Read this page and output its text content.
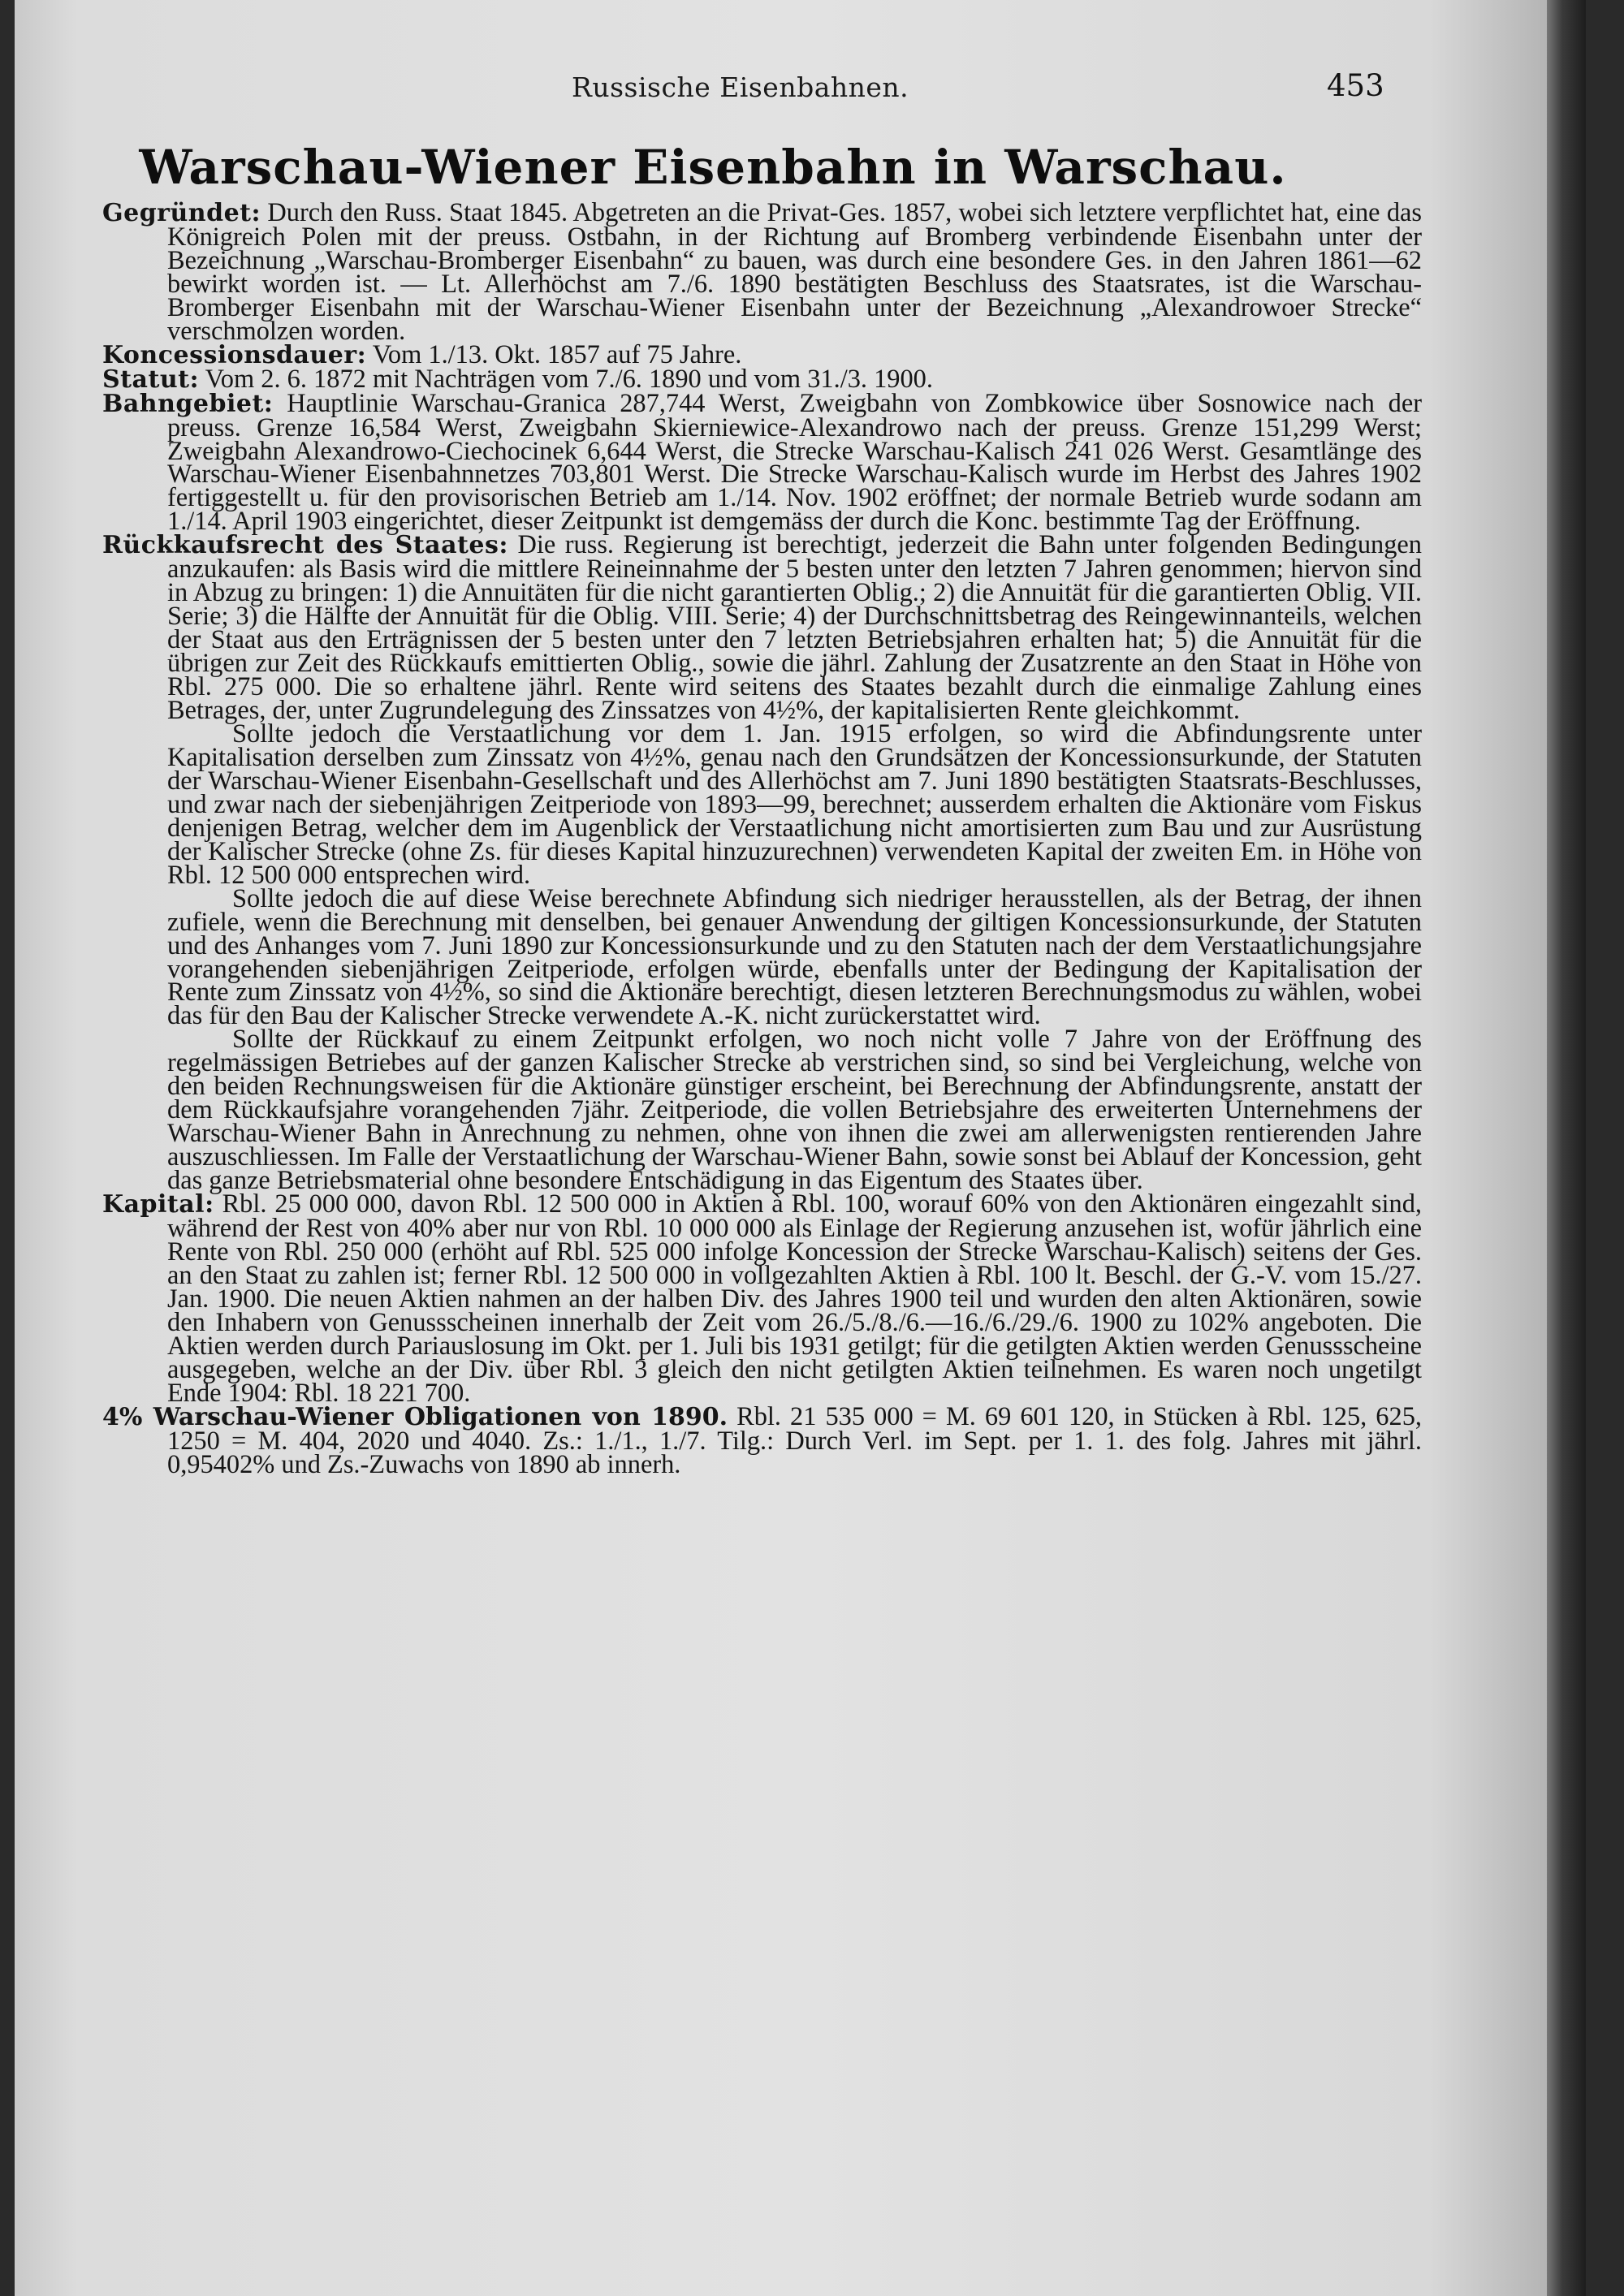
Russische Eisenbahnen.	453
Warschau-Wiener Eisenbahn in Warschau.

Gegründet: Durch den Russ. Staat 1845. Abgetreten an die Privat-Ges. 1857, wobei sich letztere verpflichtet hat, eine das Königreich Polen mit der preuss. Ostbahn, in der Richtung auf Bromberg verbindende Eisenbahn unter der Bezeichnung „Warschau-Bromberger Eisenbahn“ zu bauen, was durch eine besondere Ges. in den Jahren 1861—62 bewirkt worden ist. — Lt. Allerhöchst am 7./6. 1890 bestätigten Beschluss des Staatsrates, ist die Warschau-Bromberger Eisenbahn mit der Warschau-Wiener Eisenbahn unter der Bezeichnung „Alexandrowoer Strecke“ verschmolzen worden.

Koncessionsdauer: Vom 1./13. Okt. 1857 auf 75 Jahre.

Statut: Vom 2. 6. 1872 mit Nachträgen vom 7./6. 1890 und vom 31./3. 1900.

Bahngebiet: Hauptlinie Warschau-Granica 287,744 Werst, Zweigbahn von Zombkowice über Sosnowice nach der preuss. Grenze 16,584 Werst, Zweigbahn Skierniewice-Alexandrowo nach der preuss. Grenze 151,299 Werst; Zweigbahn Alexandrowo-Ciechocinek 6,644 Werst, die Strecke Warschau-Kalisch 241 026 Werst. Gesamtlänge des Warschau-Wiener Eisenbahnnetzes 703,801 Werst. Die Strecke Warschau-Kalisch wurde im Herbst des Jahres 1902 fertiggestellt u. für den provisorischen Betrieb am 1./14. Nov. 1902 eröffnet; der normale Betrieb wurde sodann am 1./14. April 1903 eingerichtet, dieser Zeitpunkt ist demgemäss der durch die Konc. bestimmte Tag der Eröffnung.

Rückkaufsrecht des Staates: Die russ. Regierung ist berechtigt, jederzeit die Bahn unter folgenden Bedingungen anzukaufen: als Basis wird die mittlere Reineinnahme der 5 besten unter den letzten 7 Jahren genommen; hiervon sind in Abzug zu bringen: 1) die Annuitäten für die nicht garantierten Oblig.; 2) die Annuität für die garantierten Oblig. VII. Serie; 3) die Hälfte der Annuität für die Oblig. VIII. Serie; 4) der Durchschnittsbetrag des Reingewinnanteils, welchen der Staat aus den Erträgnissen der 5 besten unter den 7 letzten Betriebsjahren erhalten hat; 5) die Annuität für die übrigen zur Zeit des Rückkaufs emittierten Oblig., sowie die jährl. Zahlung der Zusatzrente an den Staat in Höhe von Rbl. 275 000. Die so erhaltene jährl. Rente wird seitens des Staates bezahlt durch die einmalige Zahlung eines Betrages, der, unter Zugrundelegung des Zinssatzes von 4½%, der kapitalisierten Rente gleichkommt.

Sollte jedoch die Verstaatlichung vor dem 1. Jan. 1915 erfolgen, so wird die Abfindungsrente unter Kapitalisation derselben zum Zinssatz von 4½%, genau nach den Grundsätzen der Koncessionsurkunde, der Statuten der Warschau-Wiener Eisenbahn-Gesellschaft und des Allerhöchst am 7. Juni 1890 bestätigten Staatsrats-Beschlusses, und zwar nach der siebenjährigen Zeitperiode von 1893—99, berechnet; ausserdem erhalten die Aktionäre vom Fiskus denjenigen Betrag, welcher dem im Augenblick der Verstaatlichung nicht amortisierten zum Bau und zur Ausrüstung der Kalischer Strecke (ohne Zs. für dieses Kapital hinzuzurechnen) verwendeten Kapital der zweiten Em. in Höhe von Rbl. 12 500 000 entsprechen wird.

Sollte jedoch die auf diese Weise berechnete Abfindung sich niedriger herausstellen, als der Betrag, der ihnen zufiele, wenn die Berechnung mit denselben, bei genauer Anwendung der giltigen Koncessionsurkunde, der Statuten und des Anhanges vom 7. Juni 1890 zur Koncessionsurkunde und zu den Statuten nach der dem Verstaatlichungsjahre vorangehenden siebenjährigen Zeitperiode, erfolgen würde, ebenfalls unter der Bedingung der Kapitalisation der Rente zum Zinssatz von 4½%, so sind die Aktionäre berechtigt, diesen letzteren Berechnungsmodus zu wählen, wobei das für den Bau der Kalischer Strecke verwendete A.-K. nicht zurückerstattet wird.

Sollte der Rückkauf zu einem Zeitpunkt erfolgen, wo noch nicht volle 7 Jahre von der Eröffnung des regelmässigen Betriebes auf der ganzen Kalischer Strecke ab verstrichen sind, so sind bei Vergleichung, welche von den beiden Rechnungsweisen für die Aktionäre günstiger erscheint, bei Berechnung der Abfindungsrente, anstatt der dem Rückkaufsjahre vorangehenden 7jähr. Zeitperiode, die vollen Betriebsjahre des erweiterten Unternehmens der Warschau-Wiener Bahn in Anrechnung zu nehmen, ohne von ihnen die zwei am allerwenigsten rentierenden Jahre auszuschliessen. Im Falle der Verstaatlichung der Warschau-Wiener Bahn, sowie sonst bei Ablauf der Koncession, geht das ganze Betriebsmaterial ohne besondere Entschädigung in das Eigentum des Staates über.

Kapital: Rbl. 25 000 000, davon Rbl. 12 500 000 in Aktien à Rbl. 100, worauf 60% von den Aktionären eingezahlt sind, während der Rest von 40% aber nur von Rbl. 10 000 000 als Einlage der Regierung anzusehen ist, wofür jährlich eine Rente von Rbl. 250 000 (erhöht auf Rbl. 525 000 infolge Koncession der Strecke Warschau-Kalisch) seitens der Ges. an den Staat zu zahlen ist; ferner Rbl. 12 500 000 in vollgezahlten Aktien à Rbl. 100 lt. Beschl. der G.-V. vom 15./27. Jan. 1900. Die neuen Aktien nahmen an der halben Div. des Jahres 1900 teil und wurden den alten Aktionären, sowie den Inhabern von Genussscheinen innerhalb der Zeit vom 26./5./8./6.—16./6./29./6. 1900 zu 102% angeboten. Die Aktien werden durch Pariauslosung im Okt. per 1. Juli bis 1931 getilgt; für die getilgten Aktien werden Genussscheine ausgegeben, welche an der Div. über Rbl. 3 gleich den nicht getilgten Aktien teilnehmen. Es waren noch ungetilgt Ende 1904: Rbl. 18 221 700.

4% Warschau-Wiener Obligationen von 1890. Rbl. 21 535 000 = M. 69 601 120, in Stücken à Rbl. 125, 625, 1250 = M. 404, 2020 und 4040. Zs.: 1./1., 1./7. Tilg.: Durch Verl. im Sept. per 1. 1. des folg. Jahres mit jährl. 0,95402% und Zs.-Zuwachs von 1890 ab innerh.
